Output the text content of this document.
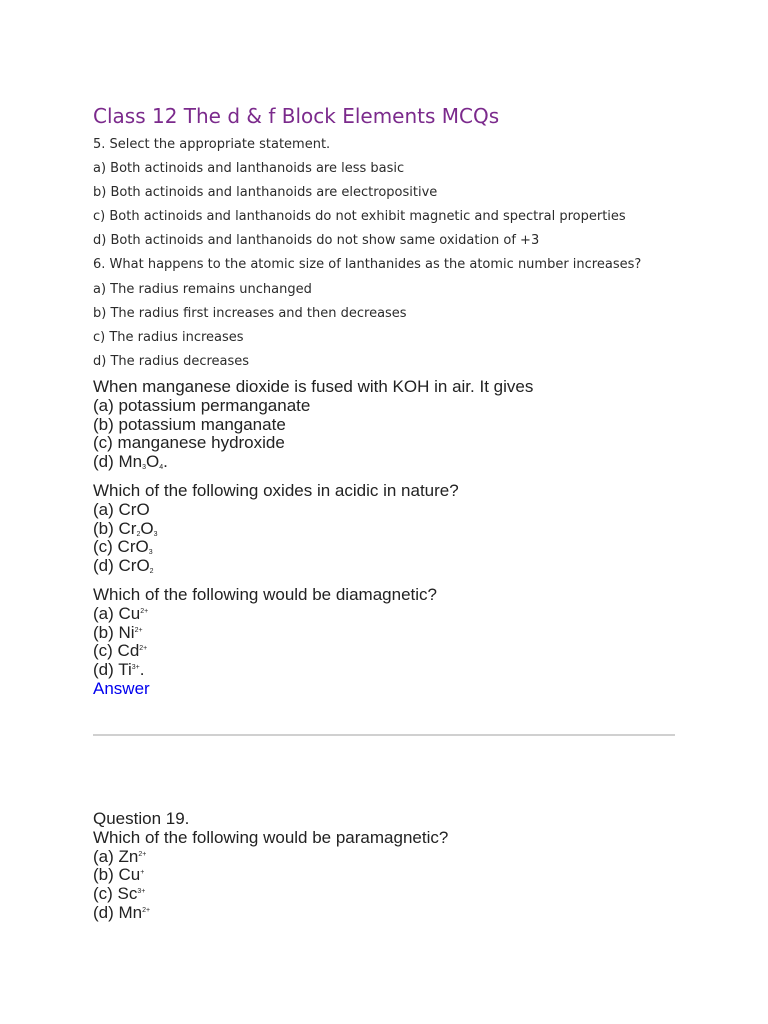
Class 12 The d & f Block Elements MCQs
5. Select the appropriate statement.
a) Both actinoids and lanthanoids are less basic
b) Both actinoids and lanthanoids are electropositive
c) Both actinoids and lanthanoids do not exhibit magnetic and spectral properties
d) Both actinoids and lanthanoids do not show same oxidation of +3
6. What happens to the atomic size of lanthanides as the atomic number increases?
a) The radius remains unchanged
b) The radius first increases and then decreases
c) The radius increases
d) The radius decreases
When manganese dioxide is fused with KOH in air. It gives
(a) potassium permanganate
(b) potassium manganate
(c) manganese hydroxide
(d) $Mn_3O_4$.
Which of the following oxides in acidic in nature?
(a) CrO
(b) $Cr_2O_3$
(c) CrO$_3$
(d) CrO$_2$
Which of the following would be diamagnetic?
(a) $Cu^{2+}$
(b) $Ni^{2+}$
(c) $Cd^{2+}$
(d) $Ti^{3+}$.
Answer
Question 19.
Which of the following would be paramagnetic?
(a) $Zn^{2+}$
(b) Cu+
(c) $Sc^{3+}$
(d) $Mn^{2+}$
